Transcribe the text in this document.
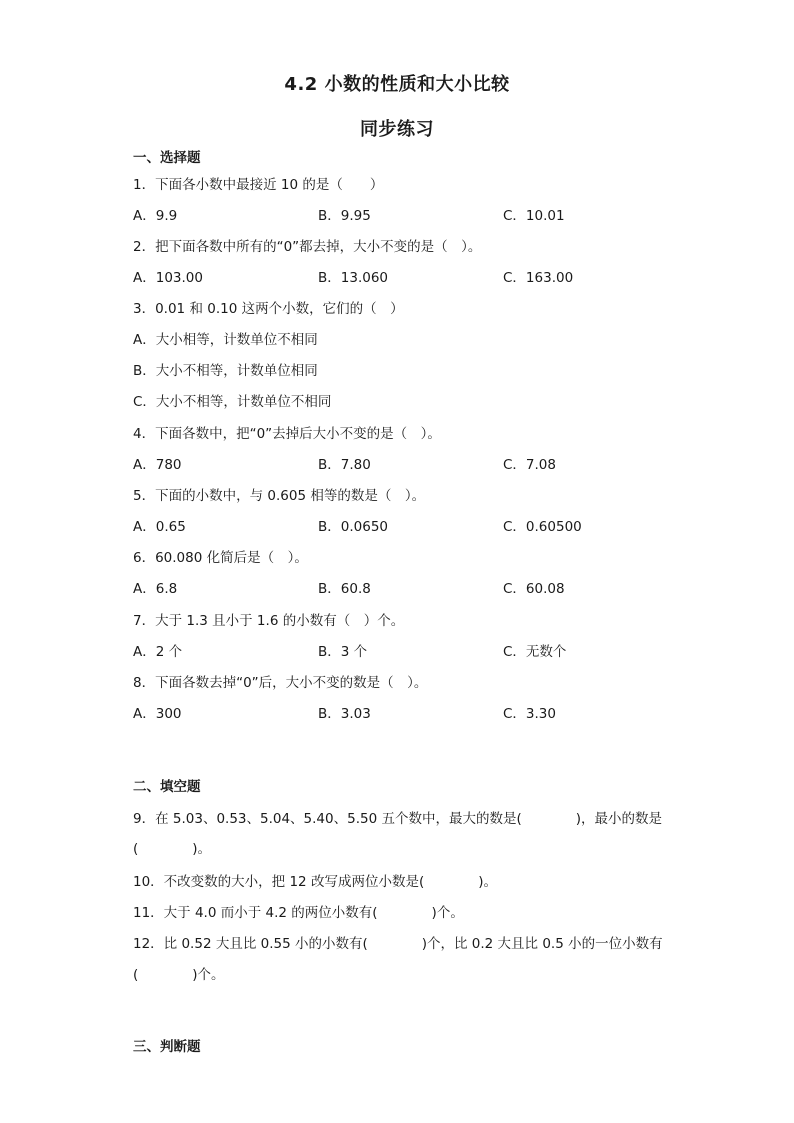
4.2 小数的性质和大小比较
同步练习
一、选择题
1．下面各小数中最接近 10 的是（　　）
A．9.9	B．9.95	C．10.01
2．把下面各数中所有的“0”都去掉，大小不变的是（　）。
A．103.00	B．13.060	C．163.00
3．0.01 和 0.10 这两个小数，它们的（　）
A．大小相等，计数单位不相同
B．大小不相等，计数单位相同
C．大小不相等，计数单位不相同
4．下面各数中，把“0”去掉后大小不变的是（　）。
A．780	B．7.80	C．7.08
5．下面的小数中，与 0.605 相等的数是（　）。
A．0.65	B．0.0650	C．0.60500
6．60.080 化简后是（　）。
A．6.8	B．60.8	C．60.08
7．大于 1.3 且小于 1.6 的小数有（　）个。
A．2 个	B．3 个	C．无数个
8．下面各数去掉“0”后，大小不变的数是（　）。
A．300	B．3.03	C．3.30
二、填空题
9．在 5.03、0.53、5.04、5.40、5.50 五个数中，最大的数是(　　　　)，最小的数是
(　　　　)。
10．不改变数的大小，把 12 改写成两位小数是(　　　　)。
11．大于 4.0 而小于 4.2 的两位小数有(　　　　)个。
12．比 0.52 大且比 0.55 小的小数有(　　　　)个，比 0.2 大且比 0.5 小的一位小数有
(　　　　)个。
三、判断题
